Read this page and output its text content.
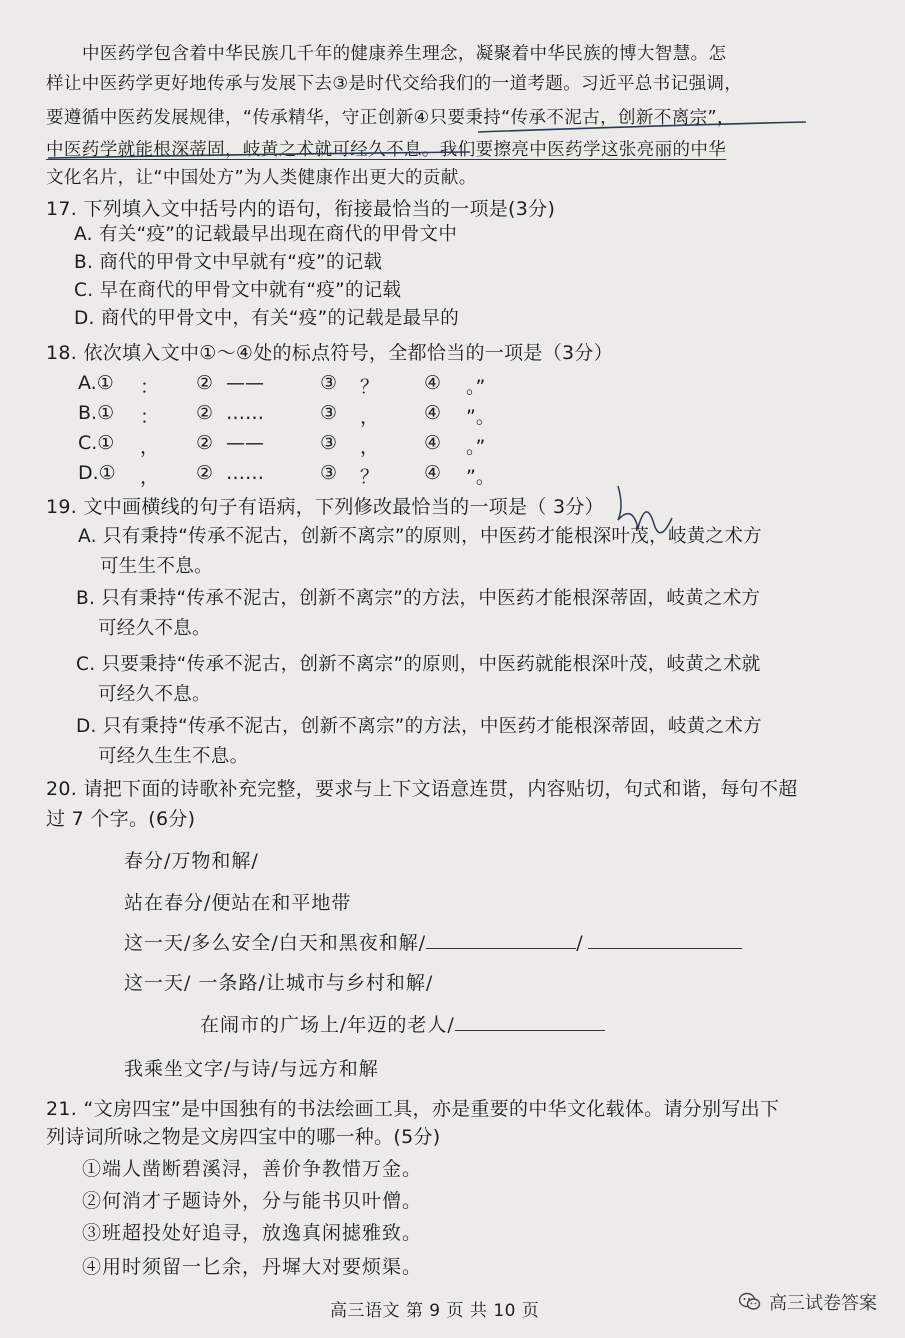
中医药学包含着中华民族几千年的健康养生理念，凝聚着中华民族的博大智慧。怎
样让中医药学更好地传承与发展下去③是时代交给我们的一道考题。习近平总书记强调，
要遵循中医药发展规律，“传承精华，守正创新④只要秉持“传承不泥古，创新不离宗”，
中医药学就能根深蒂固，岐黄之术就可经久不息。我们要擦亮中医药学这张亮丽的中华
文化名片，让“中国处方”为人类健康作出更大的贡献。
17. 下列填入文中括号内的语句，衔接最恰当的一项是(3分)
A. 有关“疫”的记载最早出现在商代的甲骨文中
B. 商代的甲骨文中早就有“疫”的记载
C. 早在商代的甲骨文中就有“疫”的记载
D. 商代的甲骨文中，有关“疫”的记载是最早的
18. 依次填入文中①～④处的标点符号，全都恰当的一项是（3分）
A.① ： ② ——	③ ？ ④ 。”
B.① ： ② ……	③ ， ④ ”。
C.① ， ② ——	③ ， ④ 。”
D.① ， ② ……	③ ？ ④ ”。
19. 文中画横线的句子有语病，下列修改最恰当的一项是（ 3分）
A. 只有秉持“传承不泥古，创新不离宗”的原则，中医药才能根深叶茂，岐黄之术方
可生生不息。
B. 只有秉持“传承不泥古，创新不离宗”的方法，中医药才能根深蒂固，岐黄之术方
可经久不息。
C. 只要秉持“传承不泥古，创新不离宗”的原则，中医药就能根深叶茂，岐黄之术就
可经久不息。
D. 只有秉持“传承不泥古，创新不离宗”的方法，中医药才能根深蒂固，岐黄之术方
可经久生生不息。
20. 请把下面的诗歌补充完整，要求与上下文语意连贯，内容贴切，句式和谐，每句不超
过 7 个字。(6分)
春分/万物和解/
站在春分/便站在和平地带
这一天/多么安全/白天和黑夜和解/	/
这一天/ 一条路/让城市与乡村和解/
在闹市的广场上/年迈的老人/
我乘坐文字/与诗/与远方和解
21. “文房四宝”是中国独有的书法绘画工具，亦是重要的中华文化载体。请分别写出下
列诗词所咏之物是文房四宝中的哪一种。(5分)
①端人凿断碧溪浔，善价争教惜万金。
②何消才子题诗外，分与能书贝叶僧。
③班超投处好追寻，放逸真闲摅雅致。
④用时须留一匕余，丹墀大对要烦渠。
高三语文 第 9 页 共 10 页	高三试卷答案
